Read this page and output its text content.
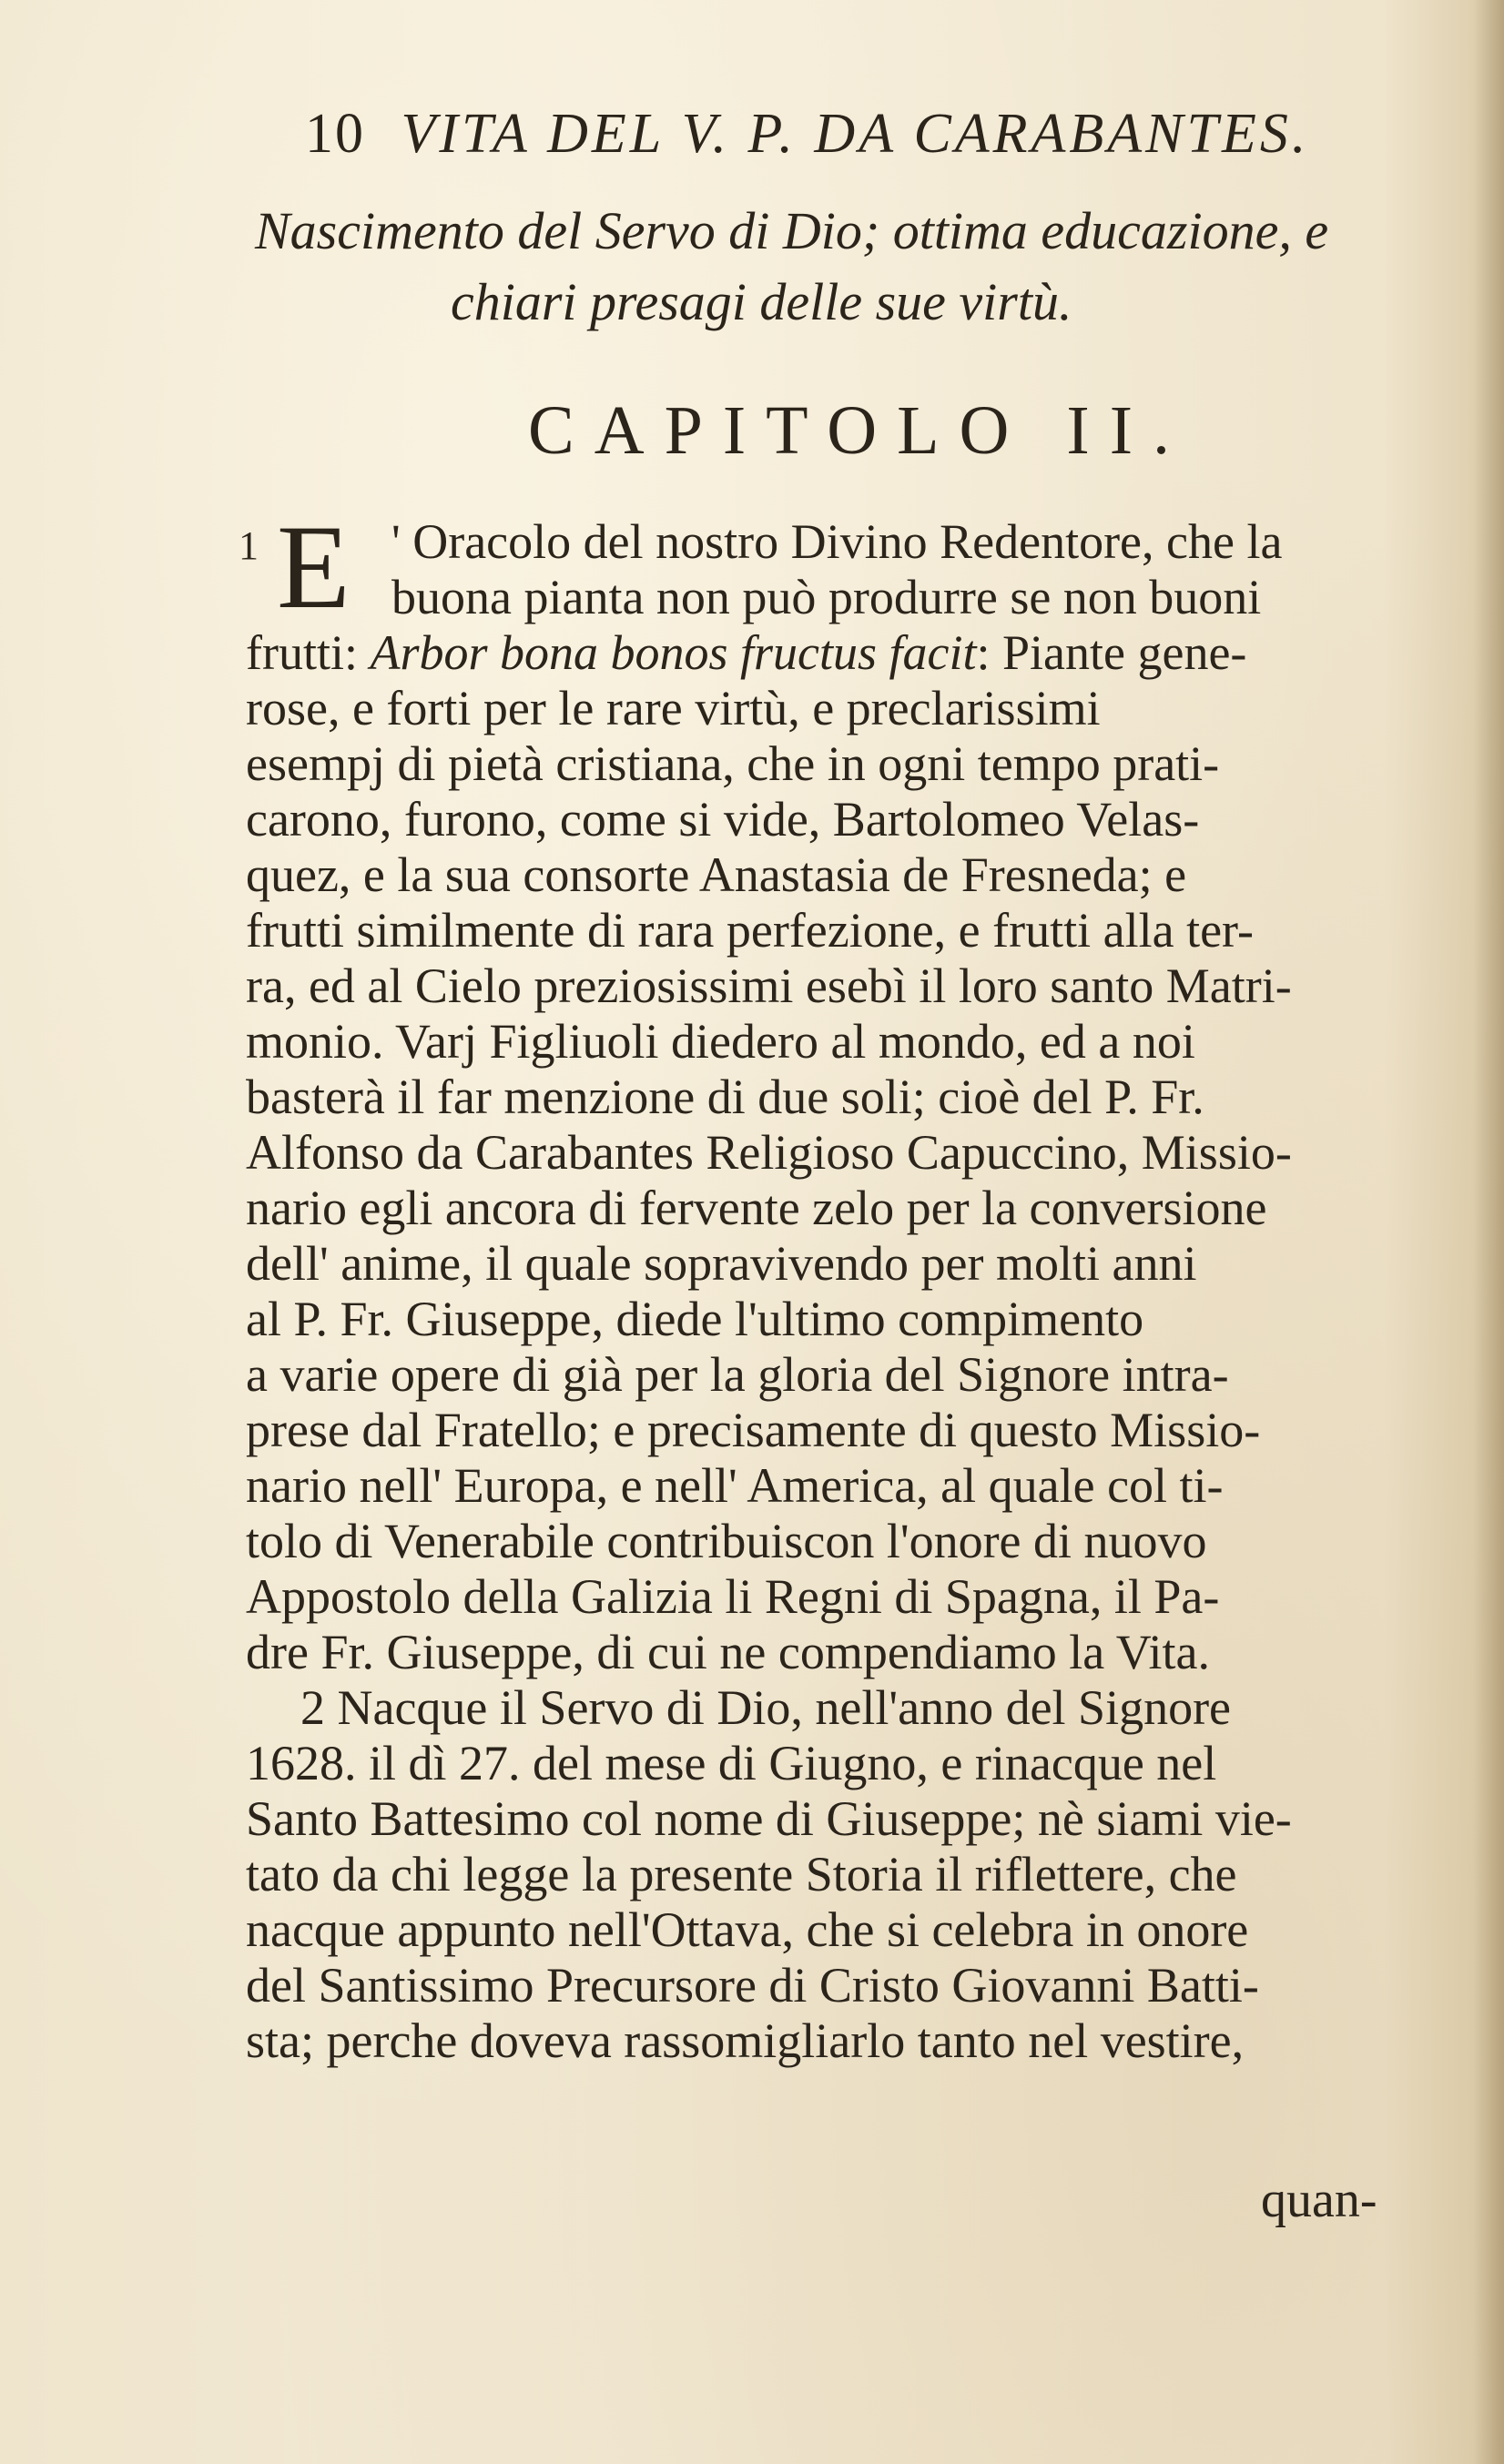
10 VITA DEL V. P. DA CARABANTES.
Nascimento del Servo di Dio; ottima educazione, e
chiari presagi delle sue virtù.
CAPITOLO II.
1 E ' Oracolo del nostro Divino Redentore, che la
buona pianta non può produrre se non buoni
frutti: Arbor bona bonos fructus facit: Piante gene-
rose, e forti per le rare virtù, e preclarissimi
esempj di pietà cristiana, che in ogni tempo prati-
carono, furono, come si vide, Bartolomeo Velas-
quez, e la sua consorte Anastasia de Fresneda; e
frutti similmente di rara perfezione, e frutti alla ter-
ra, ed al Cielo preziosissimi esebì il loro santo Matri-
monio. Varj Figliuoli diedero al mondo, ed a noi
basterà il far menzione di due soli; cioè del P. Fr.
Alfonso da Carabantes Religioso Capuccino, Missio-
nario egli ancora di fervente zelo per la conversione
dell' anime, il quale sopravivendo per molti anni
al P. Fr. Giuseppe, diede l'ultimo compimento
a varie opere di già per la gloria del Signore intra-
prese dal Fratello; e precisamente di questo Missio-
nario nell' Europa, e nell' America, al quale col ti-
tolo di Venerabile contribuiscon l'onore di nuovo
Appostolo della Galizia li Regni di Spagna, il Pa-
dre Fr. Giuseppe, di cui ne compendiamo la Vita.
2 Nacque il Servo di Dio, nell'anno del Signore
1628. il dì 27. del mese di Giugno, e rinacque nel
Santo Battesimo col nome di Giuseppe; nè siami vie-
tato da chi legge la presente Storia il riflettere, che
nacque appunto nell'Ottava, che si celebra in onore
del Santissimo Precursore di Cristo Giovanni Batti-
sta; perche doveva rassomigliarlo tanto nel vestire,
quan-
